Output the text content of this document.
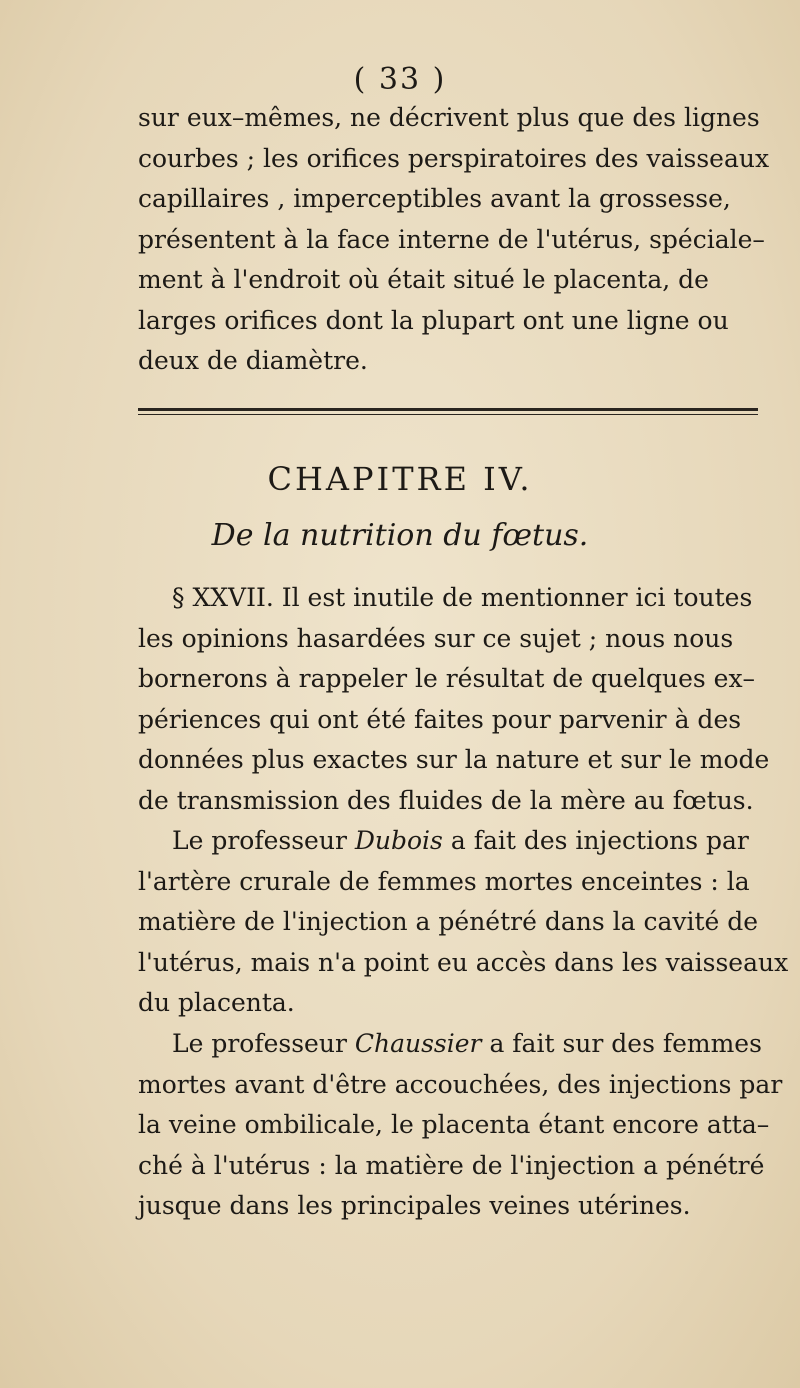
( 33 )
sur eux–mêmes, ne décrivent plus que des lignes
courbes ; les orifices perspiratoires des vaisseaux
capillaires , imperceptibles avant la grossesse,
présentent à la face interne de l'utérus, spéciale–
ment à l'endroit où était situé le placenta, de
larges orifices dont la plupart ont une ligne ou
deux de diamètre.
CHAPITRE IV.
De la nutrition du fœtus.
§ XXVII. Il est inutile de mentionner ici toutes
les opinions hasardées sur ce sujet ; nous nous
bornerons à rappeler le résultat de quelques ex–
périences qui ont été faites pour parvenir à des
données plus exactes sur la nature et sur le mode
de transmission des fluides de la mère au fœtus.
Le professeur Dubois a fait des injections par
l'artère crurale de femmes mortes enceintes : la
matière de l'injection a pénétré dans la cavité de
l'utérus, mais n'a point eu accès dans les vaisseaux
du placenta.
Le professeur Chaussier a fait sur des femmes
mortes avant d'être accouchées, des injections par
la veine ombilicale, le placenta étant encore atta–
ché à l'utérus : la matière de l'injection a pénétré
jusque dans les principales veines utérines.
